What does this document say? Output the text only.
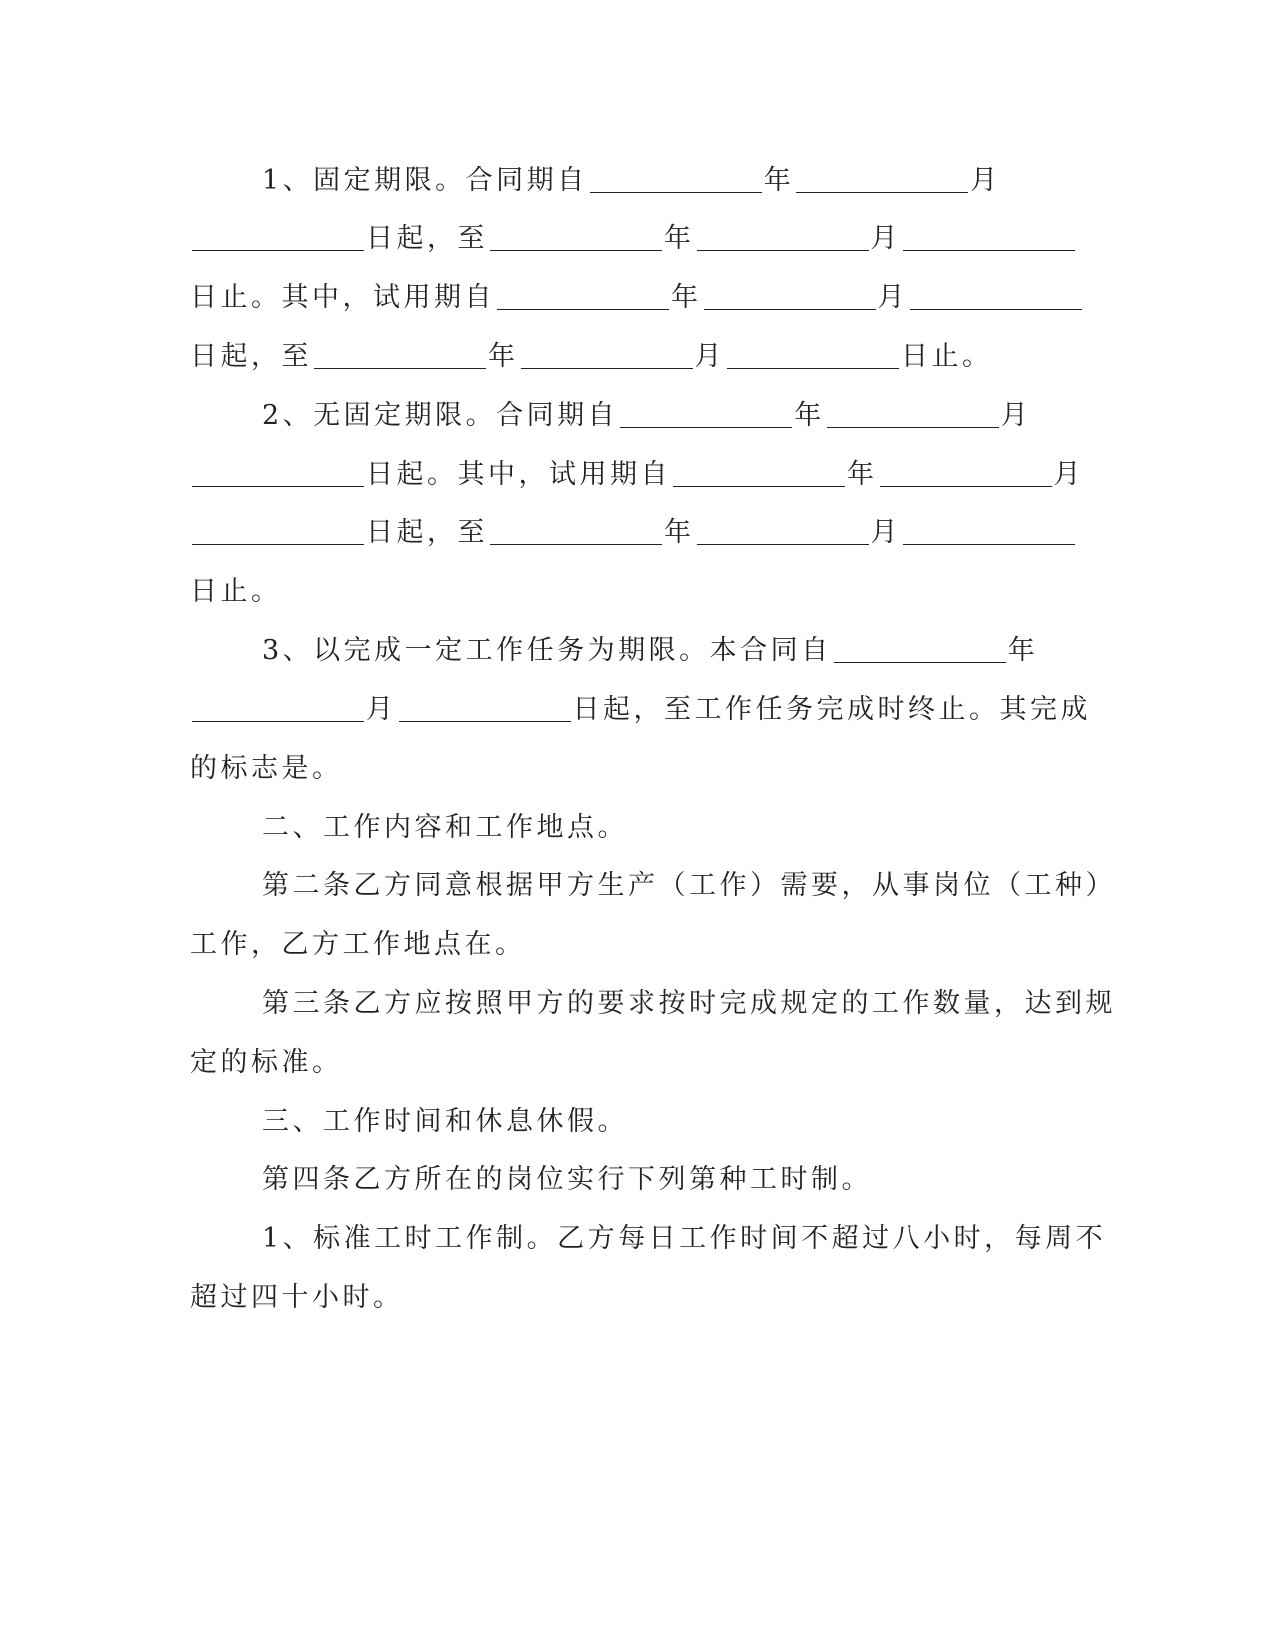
1、固定期限。合同期自	年	月
日起，至	年	月
日止。其中，试用期自	年	月
日起，至	年	月	日止。
2、无固定期限。合同期自	年	月
日起。其中，试用期自	年	月
日起，至	年	月
日止。
3、以完成一定工作任务为期限。本合同自	年
月	日起，至工作任务完成时终止。其完成
的标志是。
二、工作内容和工作地点。
第二条乙方同意根据甲方生产（工作）需要，从事岗位（工种）
工作，乙方工作地点在。
第三条乙方应按照甲方的要求按时完成规定的工作数量，达到规
定的标准。
三、工作时间和休息休假。
第四条乙方所在的岗位实行下列第种工时制。
1、标准工时工作制。乙方每日工作时间不超过八小时，每周不
超过四十小时。
